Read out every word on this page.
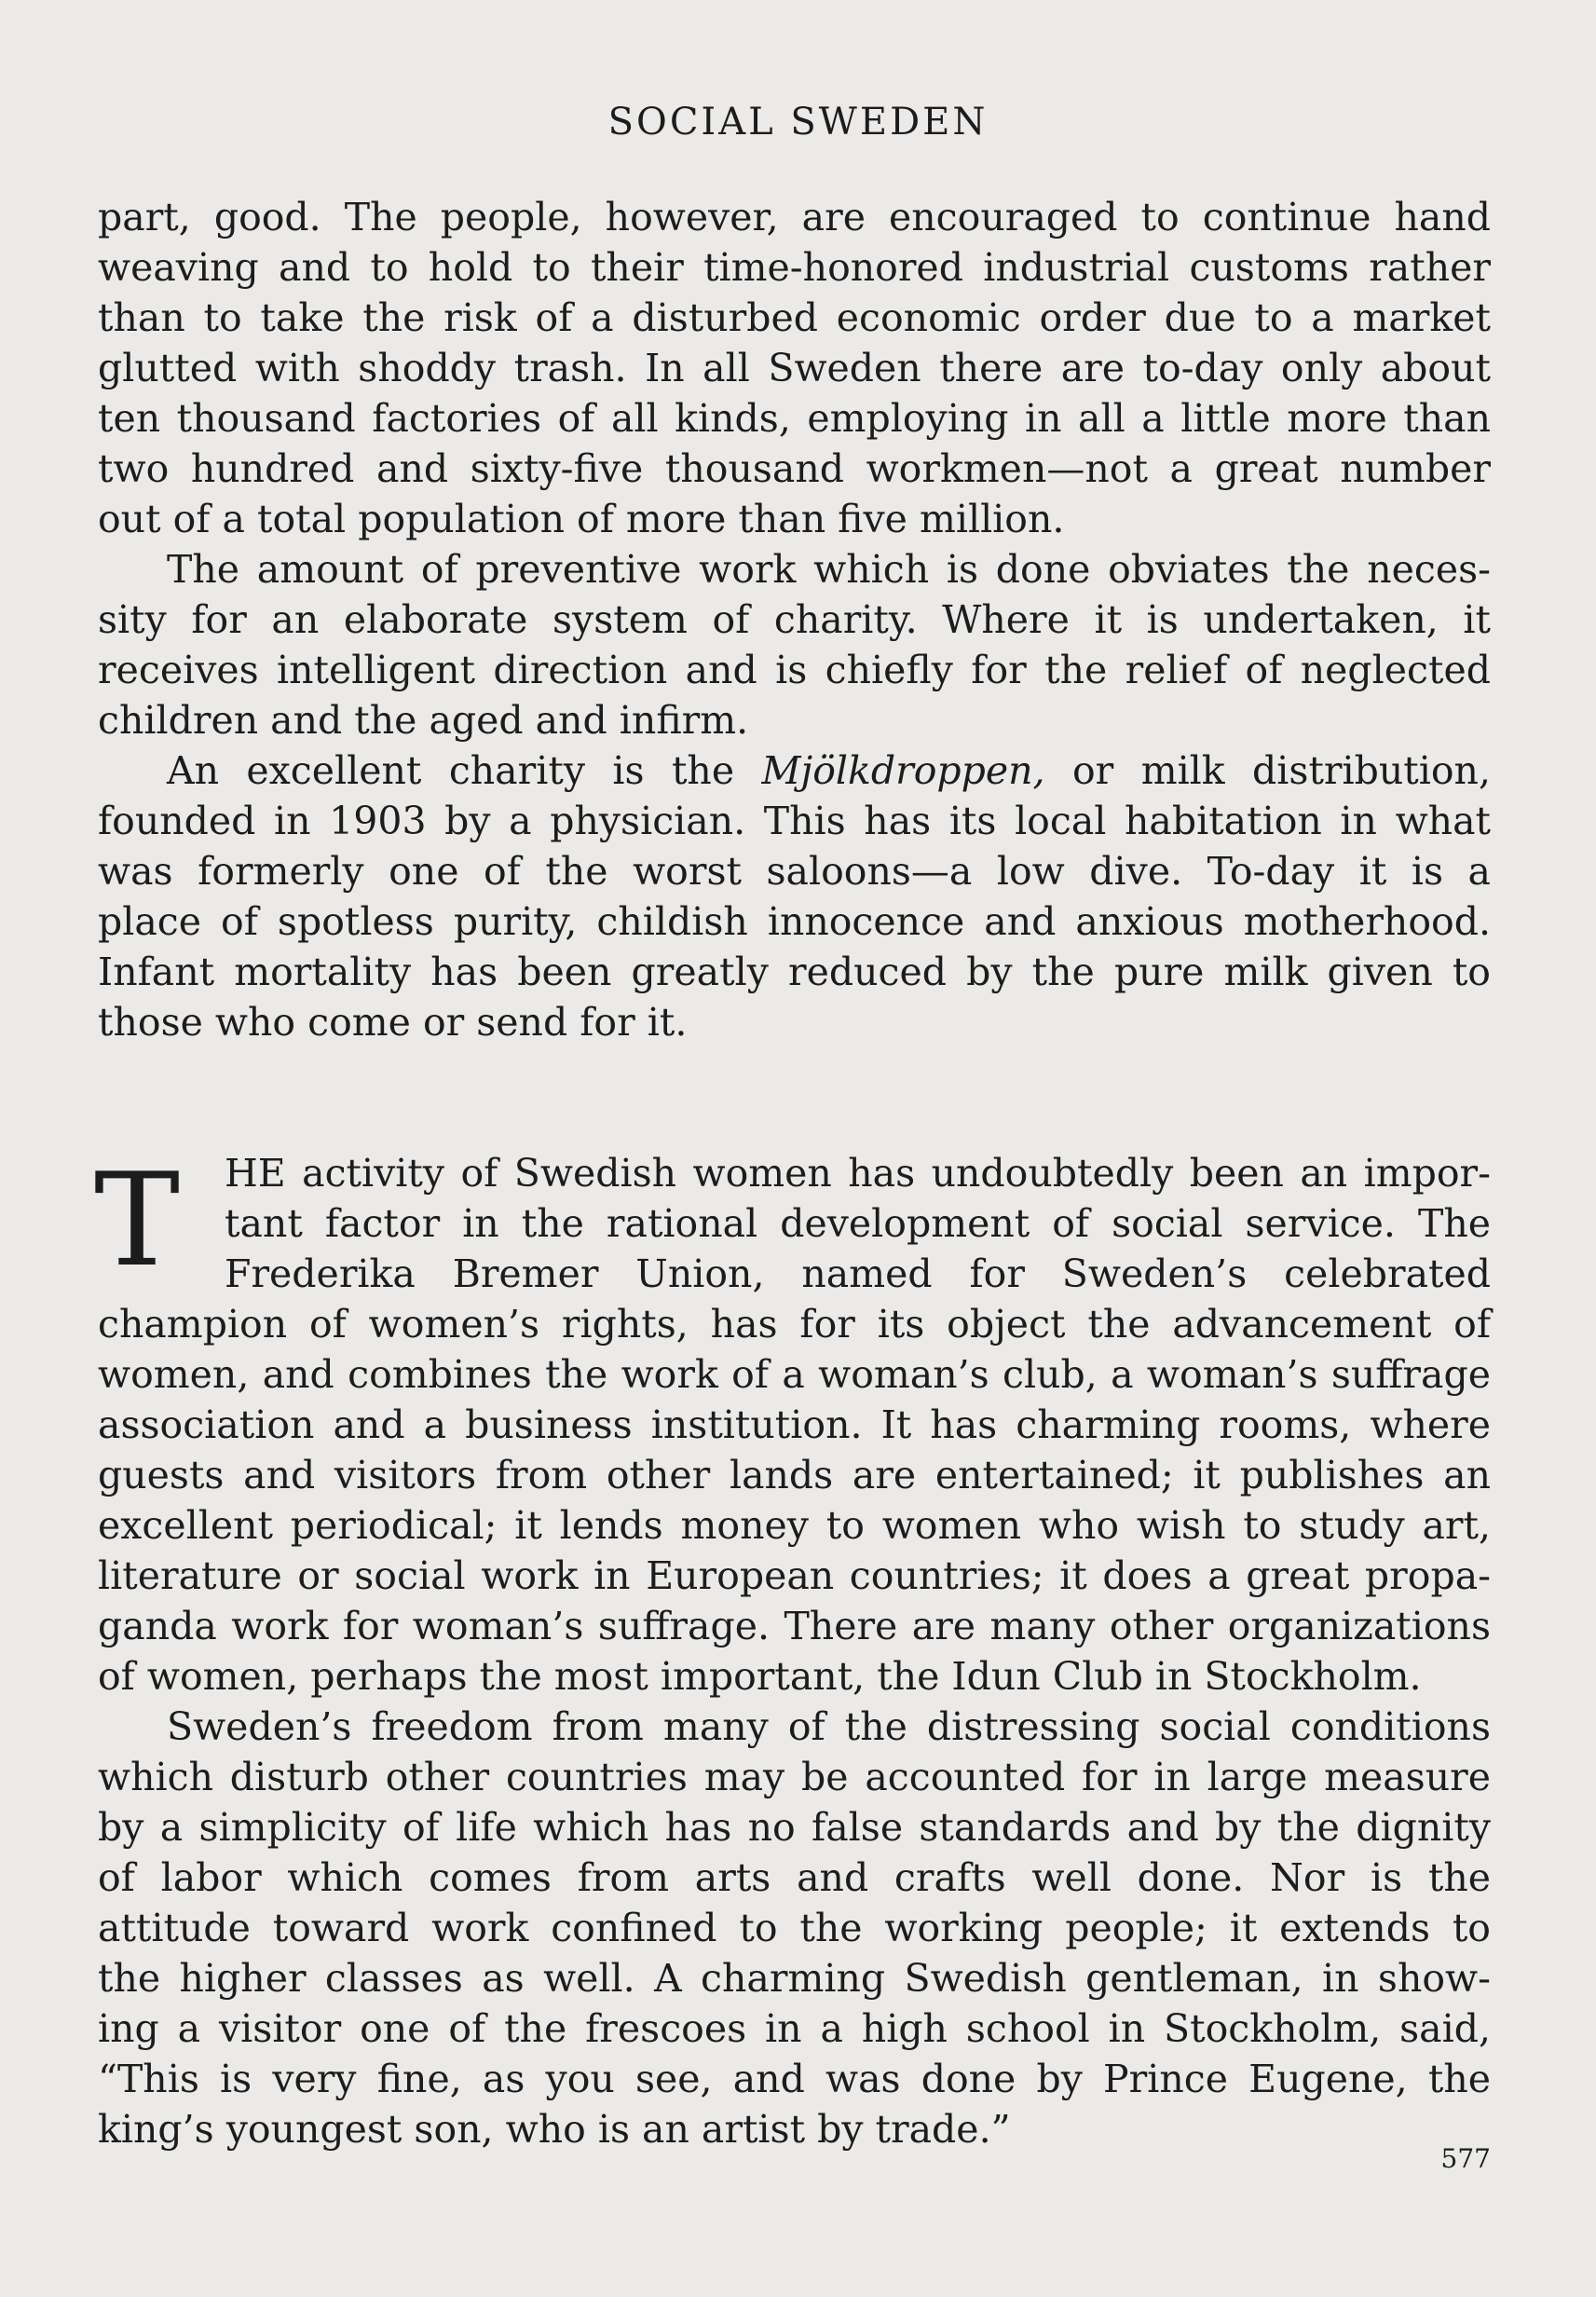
SOCIAL SWEDEN
part, good. The people, however, are encouraged to continue hand
weaving and to hold to their time-honored industrial customs rather
than to take the risk of a disturbed economic order due to a market
glutted with shoddy trash. In all Sweden there are to-day only about
ten thousand factories of all kinds, employing in all a little more than
two hundred and sixty-five thousand workmen—not a great number
out of a total population of more than five million.
The amount of preventive work which is done obviates the neces-
sity for an elaborate system of charity. Where it is undertaken, it
receives intelligent direction and is chiefly for the relief of neglected
children and the aged and infirm.
An excellent charity is the Mjölkdroppen, or milk distribution,
founded in 1903 by a physician. This has its local habitation in what
was formerly one of the worst saloons—a low dive. To-day it is a
place of spotless purity, childish innocence and anxious motherhood.
Infant mortality has been greatly reduced by the pure milk given to
those who come or send for it.
T	HE activity of Swedish women has undoubtedly been an impor-
tant factor in the rational development of social service. The
Frederika Bremer Union, named for Sweden’s celebrated
champion of women’s rights, has for its object the advancement of
women, and combines the work of a woman’s club, a woman’s suffrage
association and a business institution. It has charming rooms, where
guests and visitors from other lands are entertained; it publishes an
excellent periodical; it lends money to women who wish to study art,
literature or social work in European countries; it does a great propa-
ganda work for woman’s suffrage. There are many other organizations
of women, perhaps the most important, the Idun Club in Stockholm.
Sweden’s freedom from many of the distressing social conditions
which disturb other countries may be accounted for in large measure
by a simplicity of life which has no false standards and by the dignity
of labor which comes from arts and crafts well done. Nor is the
attitude toward work confined to the working people; it extends to
the higher classes as well. A charming Swedish gentleman, in show-
ing a visitor one of the frescoes in a high school in Stockholm, said,
“This is very fine, as you see, and was done by Prince Eugene, the
king’s youngest son, who is an artist by trade.”
577
